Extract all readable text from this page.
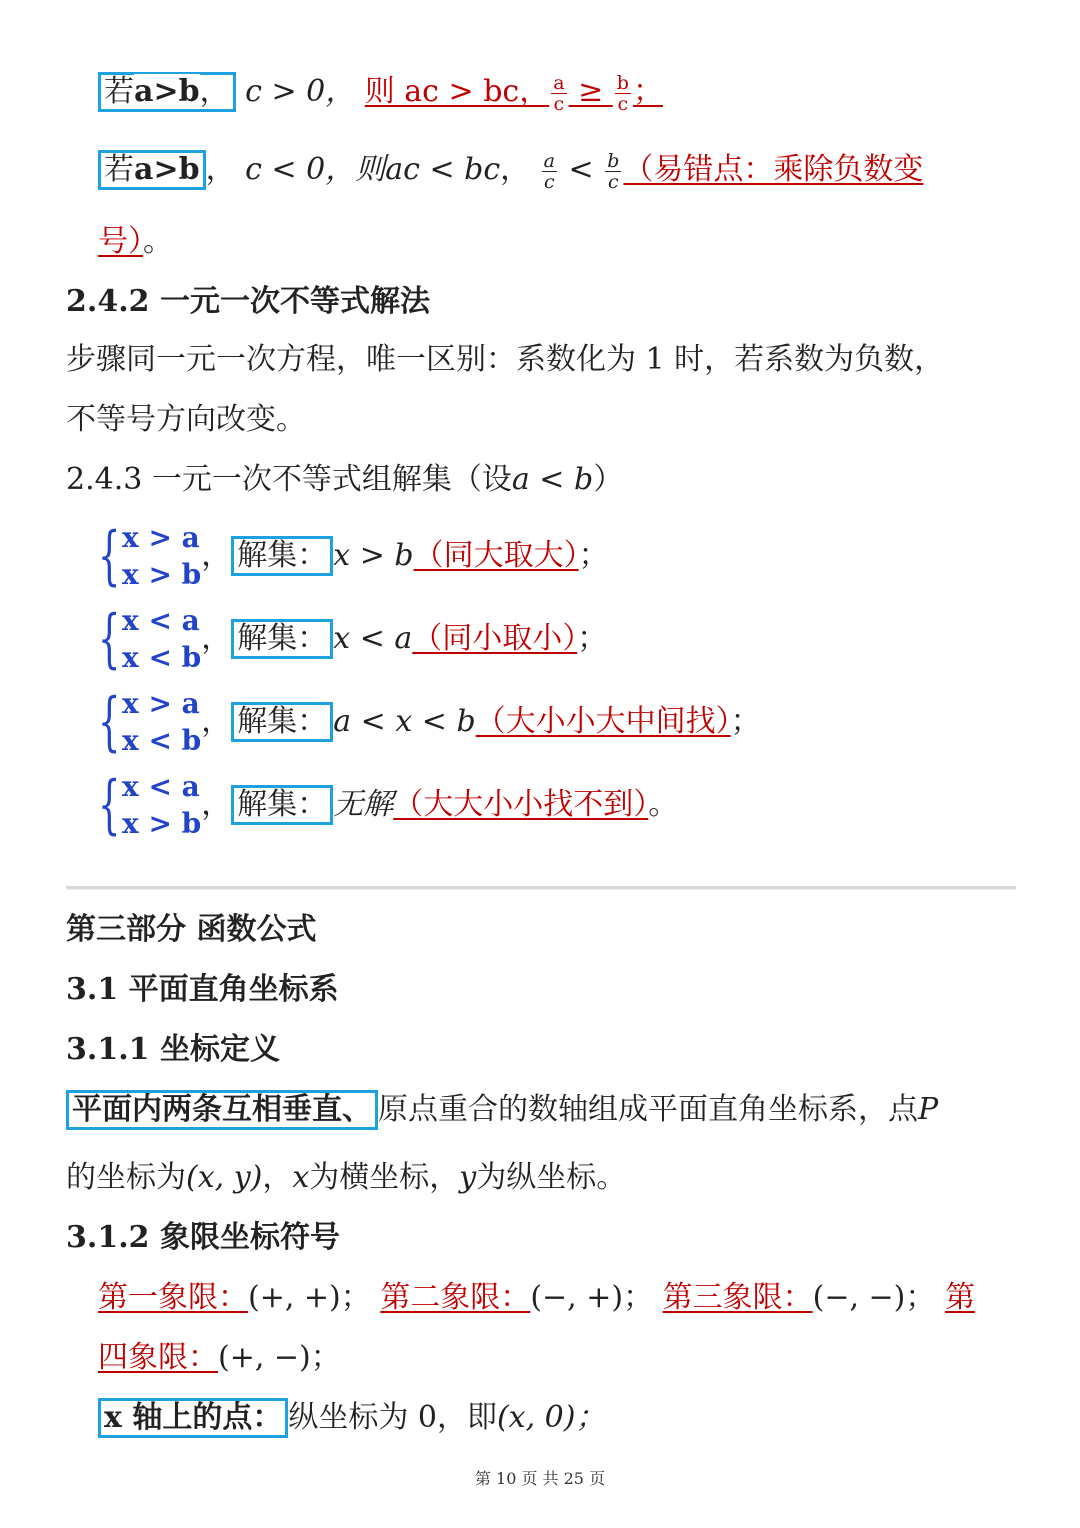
若a>b， c > 0， 则 ac > bc， $\frac{a}{c} \ge \frac{b}{c}$ ；
若a>b ， c < 0，则ac < bc， $\frac{a}{c} < \frac{b}{c}$ （易错点：乘除负数变
号）。
2.4.2 一元一次不等式解法
步骤同一元一次方程，唯一区别：系数化为 1 时，若系数为负数，
不等号方向改变。
2.4.3 一元一次不等式组解集（设a < b）
{ x > a
x > b
， 解集： x > b（同大取大）；
{ x < a
x < b
， 解集： x < a（同小取小）；
{ x > a
x < b
， 解集： a < x < b（大小小大中间找）；
{ x < a
x > b
， 解集： 无解（大大小小找不到）。
第三部分 函数公式
3.1 平面直角坐标系
3.1.1 坐标定义
平面内两条互相垂直、 原点重合的数轴组成平面直角坐标系，点P
的坐标为(x, y)，x为横坐标，y为纵坐标。
3.1.2 象限坐标符号
第一象限：(+, +)； 第二象限：(−, +)； 第三象限：(−, −)； 第
四象限：(+, −)；
x 轴上的点： 纵坐标为 0，即(x, 0)；
第 10 页 共 25 页
